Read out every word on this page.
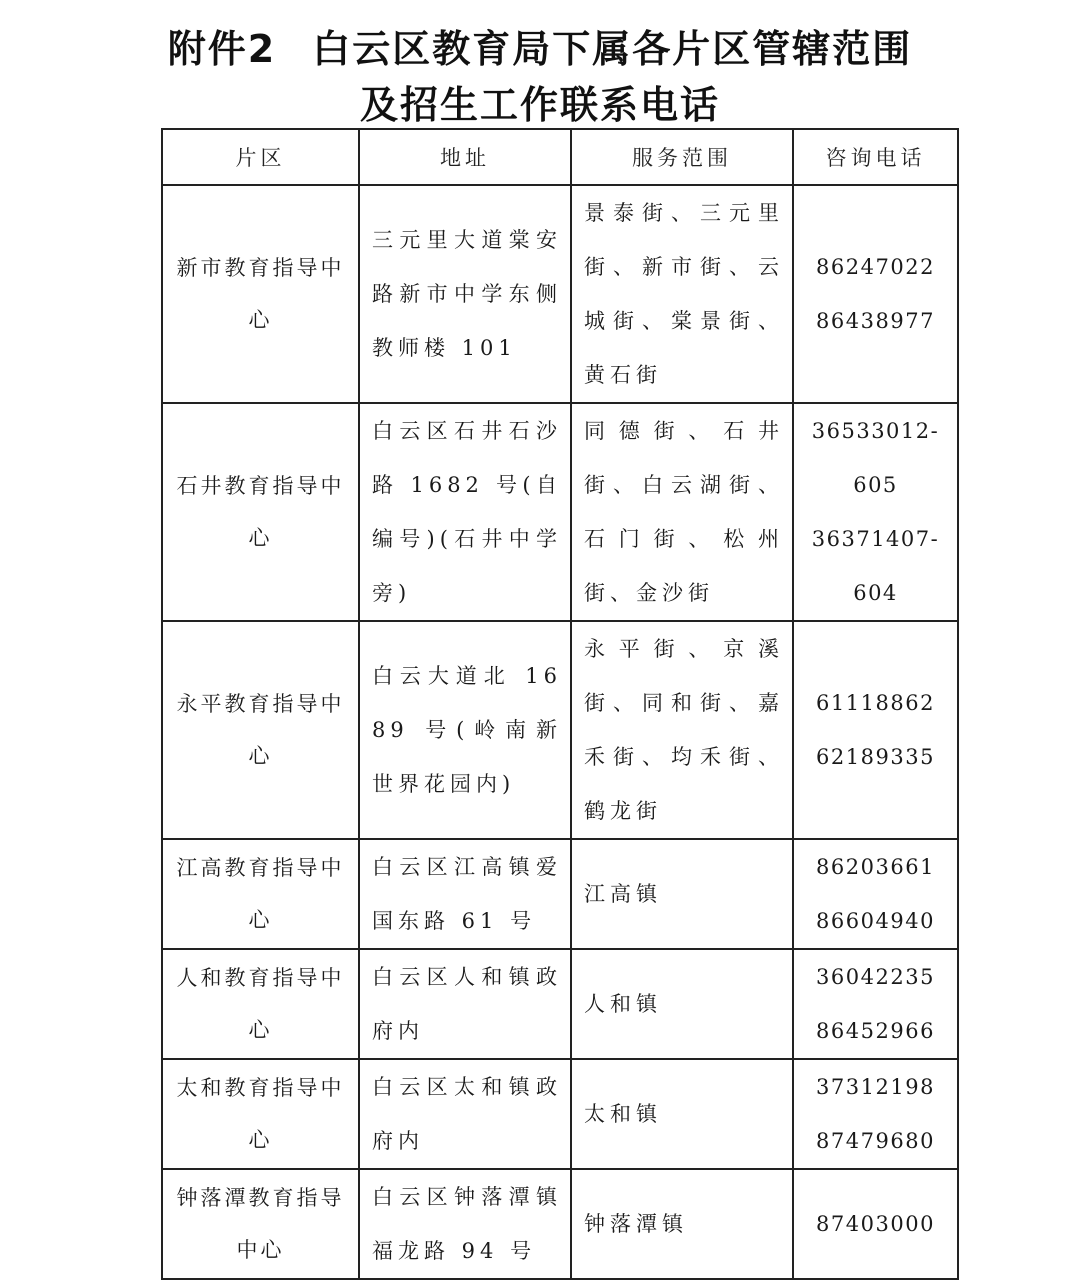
附件2 白云区教育局下属各片区管辖范围
及招生工作联系电话
片区	地址	服务范围	咨询电话
新市教育指导中心	三元里大道棠安路新市中学东侧教师楼 101	景泰街、三元里街、新市街、云城街、棠景街、黄石街	86247022
86438977

石井教育指导中心	白云区石井石沙路 1682 号(自编号)(石井中学旁)	同德街、石井街、白云湖街、石门街、松州街、金沙街	36533012-605
36371407-604

永平教育指导中心	白云大道北 1689 号(岭南新世界花园内)	永平街、京溪街、同和街、嘉禾街、均禾街、鹤龙街	61118862
62189335

江高教育指导中心	白云区江高镇爱国东路 61 号	江高镇	86203661
86604940

人和教育指导中心	白云区人和镇政府内	人和镇	36042235
86452966

太和教育指导中心	白云区太和镇政府内	太和镇	37312198
87479680

钟落潭教育指导中心	白云区钟落潭镇福龙路 94 号	钟落潭镇	87403000
